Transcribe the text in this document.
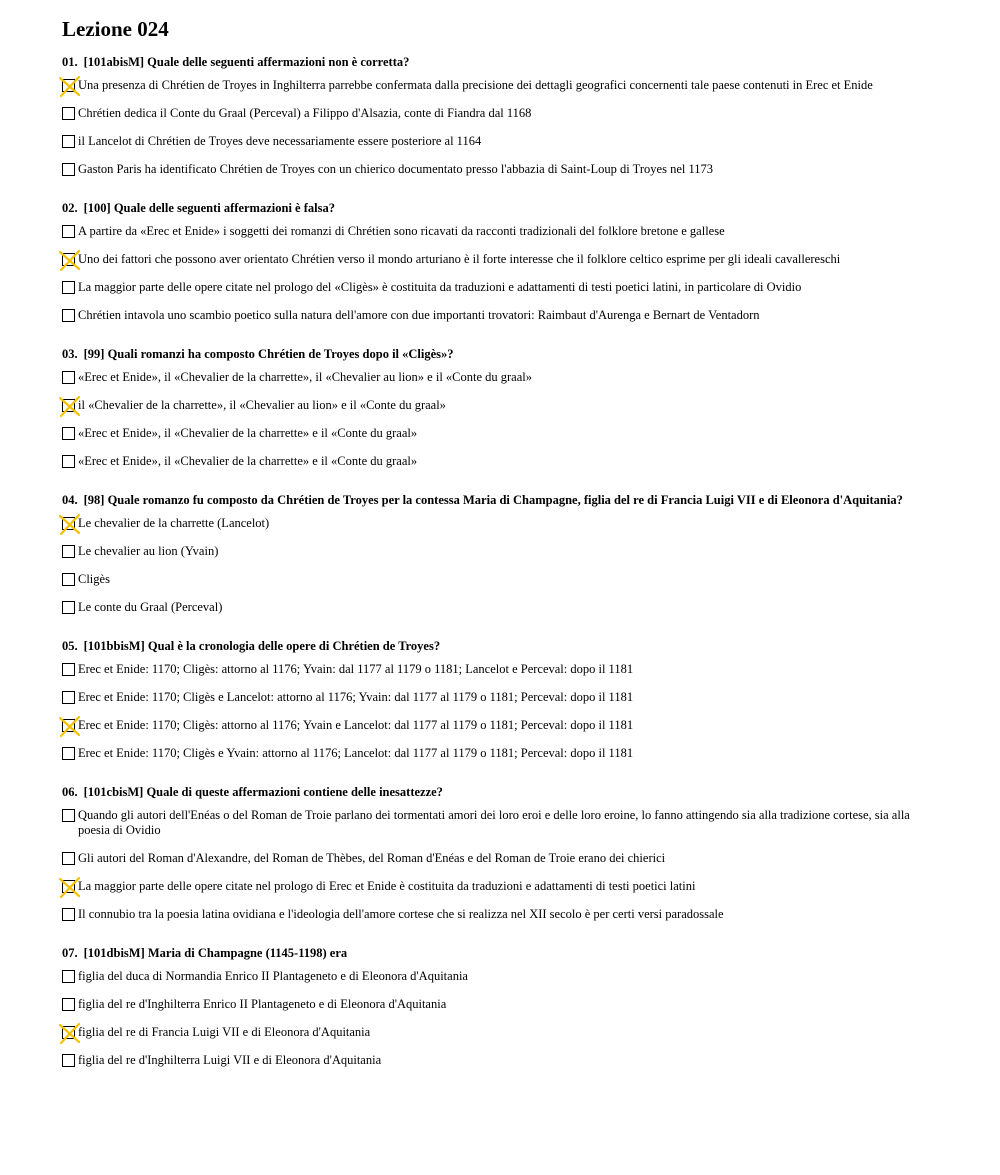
Lezione 024
01. [101abisM] Quale delle seguenti affermazioni non è corretta?
Una presenza di Chrétien de Troyes in Inghilterra parrebbe confermata dalla precisione dei dettagli geografici concernenti tale paese contenuti in Erec et Enide
Chrétien dedica il Conte du Graal (Perceval) a Filippo d'Alsazia, conte di Fiandra dal 1168
il Lancelot di Chrétien de Troyes deve necessariamente essere posteriore al 1164
Gaston Paris ha identificato Chrétien de Troyes con un chierico documentato presso l'abbazia di Saint-Loup di Troyes nel 1173
02. [100] Quale delle seguenti affermazioni è falsa?
A partire da «Erec et Enide» i soggetti dei romanzi di Chrétien sono ricavati da racconti tradizionali del folklore bretone e gallese
Uno dei fattori che possono aver orientato Chrétien verso il mondo arturiano è il forte interesse che il folklore celtico esprime per gli ideali cavallereschi
La maggior parte delle opere citate nel prologo del «Cligès» è costituita da traduzioni e adattamenti di testi poetici latini, in particolare di Ovidio
Chrétien intavola uno scambio poetico sulla natura dell'amore con due importanti trovatori: Raimbaut d'Aurenga e Bernart de Ventadorn
03. [99] Quali romanzi ha composto Chrétien de Troyes dopo il «Cligès»?
«Erec et Enide», il «Chevalier de la charrette», il «Chevalier au lion» e il «Conte du graal»
il «Chevalier de la charrette», il «Chevalier au lion» e il «Conte du graal»
«Erec et Enide», il «Chevalier de la charrette» e il «Conte du graal»
«Erec et Enide», il «Chevalier de la charrette» e il «Conte du graal»
04. [98] Quale romanzo fu composto da Chrétien de Troyes per la contessa Maria di Champagne, figlia del re di Francia Luigi VII e di Eleonora d'Aquitania?
Le chevalier de la charrette (Lancelot)
Le chevalier au lion (Yvain)
Cligès
Le conte du Graal (Perceval)
05. [101bbisM] Qual è la cronologia delle opere di Chrétien de Troyes?
Erec et Enide: 1170; Cligès: attorno al 1176; Yvain: dal 1177 al 1179 o 1181; Lancelot e Perceval: dopo il 1181
Erec et Enide: 1170; Cligès e Lancelot: attorno al 1176; Yvain: dal 1177 al 1179 o 1181; Perceval: dopo il 1181
Erec et Enide: 1170; Cligès: attorno al 1176; Yvain e Lancelot: dal 1177 al 1179 o 1181; Perceval: dopo il 1181
Erec et Enide: 1170; Cligès e Yvain: attorno al 1176; Lancelot: dal 1177 al 1179 o 1181; Perceval: dopo il 1181
06. [101cbisM] Quale di queste affermazioni contiene delle inesattezze?
Quando gli autori dell'Enéas o del Roman de Troie parlano dei tormentati amori dei loro eroi e delle loro eroine, lo fanno attingendo sia alla tradizione cortese, sia alla poesia di Ovidio
Gli autori del Roman d'Alexandre, del Roman de Thèbes, del Roman d'Enéas e del Roman de Troie erano dei chierici
La maggior parte delle opere citate nel prologo di Erec et Enide è costituita da traduzioni e adattamenti di testi poetici latini
Il connubio tra la poesia latina ovidiana e l'ideologia dell'amore cortese che si realizza nel XII secolo è per certi versi paradossale
07. [101dbisM] Maria di Champagne (1145-1198) era
figlia del duca di Normandia Enrico II Plantageneto e di Eleonora d'Aquitania
figlia del re d'Inghilterra Enrico II Plantageneto e di Eleonora d'Aquitania
figlia del re di Francia Luigi VII e di Eleonora d'Aquitania
figlia del re d'Inghilterra Luigi VII e di Eleonora d'Aquitania
